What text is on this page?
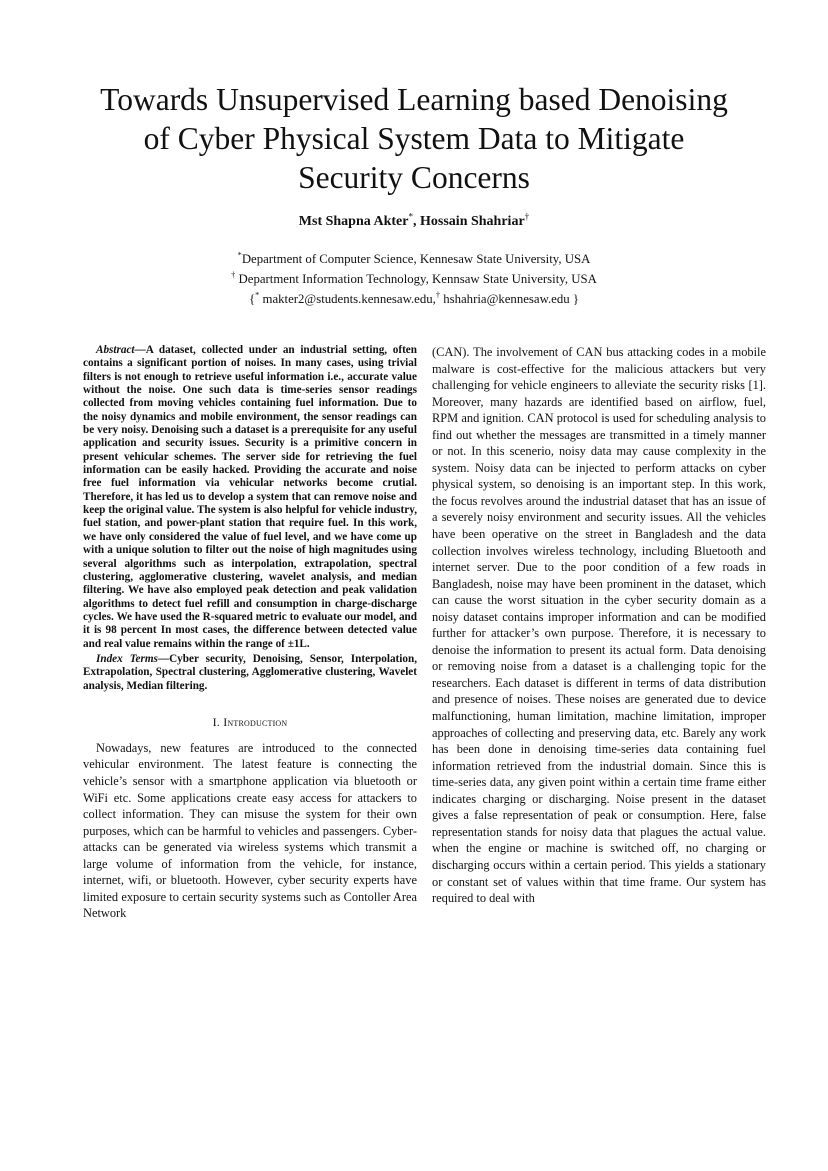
Towards Unsupervised Learning based Denoising
of Cyber Physical System Data to Mitigate
Security Concerns

Mst Shapna Akter*, Hossain Shahriar†

*Department of Computer Science, Kennesaw State University, USA
† Department Information Technology, Kennsaw State University, USA
{* makter2@students.kennesaw.edu,† hshahria@kennesaw.edu }

Abstract—A dataset, collected under an industrial setting, often contains a significant portion of noises. In many cases, using trivial filters is not enough to retrieve useful information i.e., accurate value without the noise. One such data is time-series sensor readings collected from moving vehicles containing fuel information. Due to the noisy dynamics and mobile environment, the sensor readings can be very noisy. Denoising such a dataset is a prerequisite for any useful application and security issues. Security is a primitive concern in present vehicular schemes. The server side for retrieving the fuel information can be easily hacked. Providing the accurate and noise free fuel information via vehicular networks become crutial. Therefore, it has led us to develop a system that can remove noise and keep the original value. The system is also helpful for vehicle industry, fuel station, and power-plant station that require fuel. In this work, we have only considered the value of fuel level, and we have come up with a unique solution to filter out the noise of high magnitudes using several algorithms such as interpolation, extrapolation, spectral clustering, agglomerative clustering, wavelet analysis, and median filtering. We have also employed peak detection and peak validation algorithms to detect fuel refill and consumption in charge-discharge cycles. We have used the R-squared metric to evaluate our model, and it is 98 percent In most cases, the difference between detected value and real value remains within the range of ±1L.

Index Terms—Cyber security, Denoising, Sensor, Interpolation, Extrapolation, Spectral clustering, Agglomerative clustering, Wavelet analysis, Median filtering.

I. Introduction

Nowadays, new features are introduced to the connected vehicular environment. The latest feature is connecting the vehicle’s sensor with a smartphone application via bluetooth or WiFi etc. Some applications create easy access for attackers to collect information. They can misuse the system for their own purposes, which can be harmful to vehicles and passengers. Cyber-attacks can be generated via wireless systems which transmit a large volume of information from the vehicle, for instance, internet, wifi, or bluetooth. However, cyber security experts have limited exposure to certain security systems such as Contoller Area Network

(CAN). The involvement of CAN bus attacking codes in a mobile malware is cost-effective for the malicious attackers but very challenging for vehicle engineers to alleviate the security risks [1]. Moreover, many hazards are identified based on airflow, fuel, RPM and ignition. CAN protocol is used for scheduling analysis to find out whether the messages are transmitted in a timely manner or not. In this scenerio, noisy data may cause complexity in the system. Noisy data can be injected to perform attacks on cyber physical system, so denoising is an important step. In this work, the focus revolves around the industrial dataset that has an issue of a severely noisy environment and security issues. All the vehicles have been operative on the street in Bangladesh and the data collection involves wireless technology, including Bluetooth and internet server. Due to the poor condition of a few roads in Bangladesh, noise may have been prominent in the dataset, which can cause the worst situation in the cyber security domain as a noisy dataset contains improper information and can be modified further for attacker’s own purpose. Therefore, it is necessary to denoise the information to present its actual form. Data denoising or removing noise from a dataset is a challenging topic for the researchers. Each dataset is different in terms of data distribution and presence of noises. These noises are generated due to device malfunctioning, human limitation, machine limitation, improper approaches of collecting and preserving data, etc. Barely any work has been done in denoising time-series data containing fuel information retrieved from the industrial domain. Since this is time-series data, any given point within a certain time frame either indicates charging or discharging. Noise present in the dataset gives a false representation of peak or consumption. Here, false representation stands for noisy data that plagues the actual value. when the engine or machine is switched off, no charging or discharging occurs within a certain period. This yields a stationary or constant set of values within that time frame. Our system has required to deal with
